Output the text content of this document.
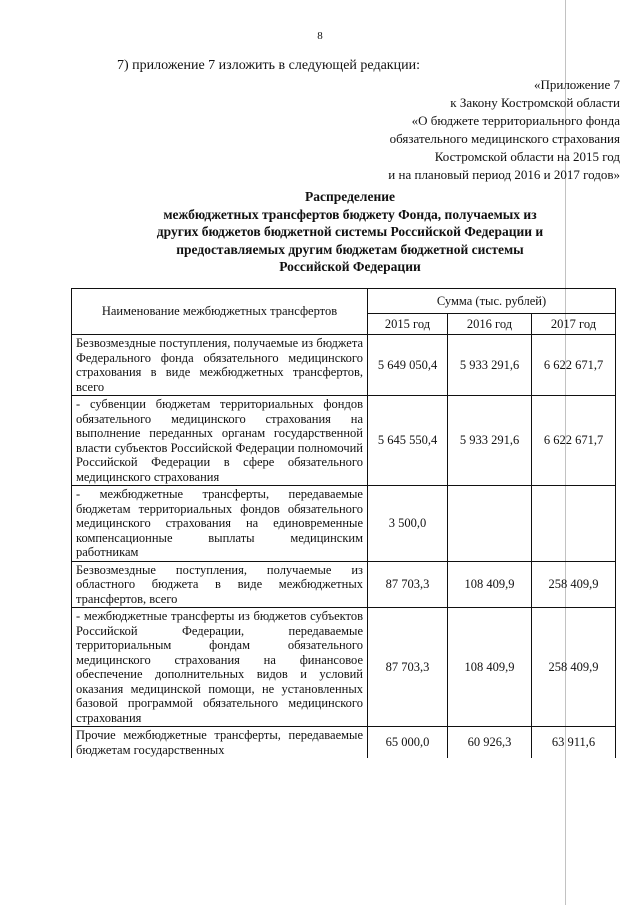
8
7) приложение 7 изложить в следующей редакции:
«Приложение 7
к Закону Костромской области
«О бюджете территориального фонда
обязательного медицинского страхования
Костромской области на 2015 год
и на плановый период 2016 и 2017 годов»
Распределение
межбюджетных трансфертов бюджету Фонда, получаемых из
других бюджетов бюджетной системы Российской Федерации и
предоставляемых другим бюджетам бюджетной системы
Российской Федерации
Наименование межбюджетных трансфертов	Сумма (тыс. рублей)		
	2015 год	2016 год	2017 год
Безвозмездные поступления, получаемые из бюджета Федерального фонда обязательного медицинского страхования в виде межбюджетных трансфертов, всего	5 649 050,4	5 933 291,6	6 622 671,7
- субвенции бюджетам территориальных фондов обязательного медицинского страхования на выполнение переданных органам государственной власти субъектов Российской Федерации полномочий Российской Федерации в сфере обязательного медицинского страхования	5 645 550,4	5 933 291,6	6 622 671,7
- межбюджетные трансферты, передаваемые бюджетам территориальных фондов обязательного медицинского страхования на единовременные компенсационные выплаты медицинским работникам	3 500,0		
Безвозмездные поступления, получаемые из областного бюджета в виде межбюджетных трансфертов, всего	87 703,3	108 409,9	258 409,9
- межбюджетные трансферты из бюджетов субъектов Российской Федерации, передаваемые территориальным фондам обязательного медицинского страхования на финансовое обеспечение дополнительных видов и условий оказания медицинской помощи, не установленных базовой программой обязательного медицинского страхования	87 703,3	108 409,9	258 409,9
Прочие межбюджетные трансферты, передаваемые бюджетам государственных	65 000,0	60 926,3	63 911,6
